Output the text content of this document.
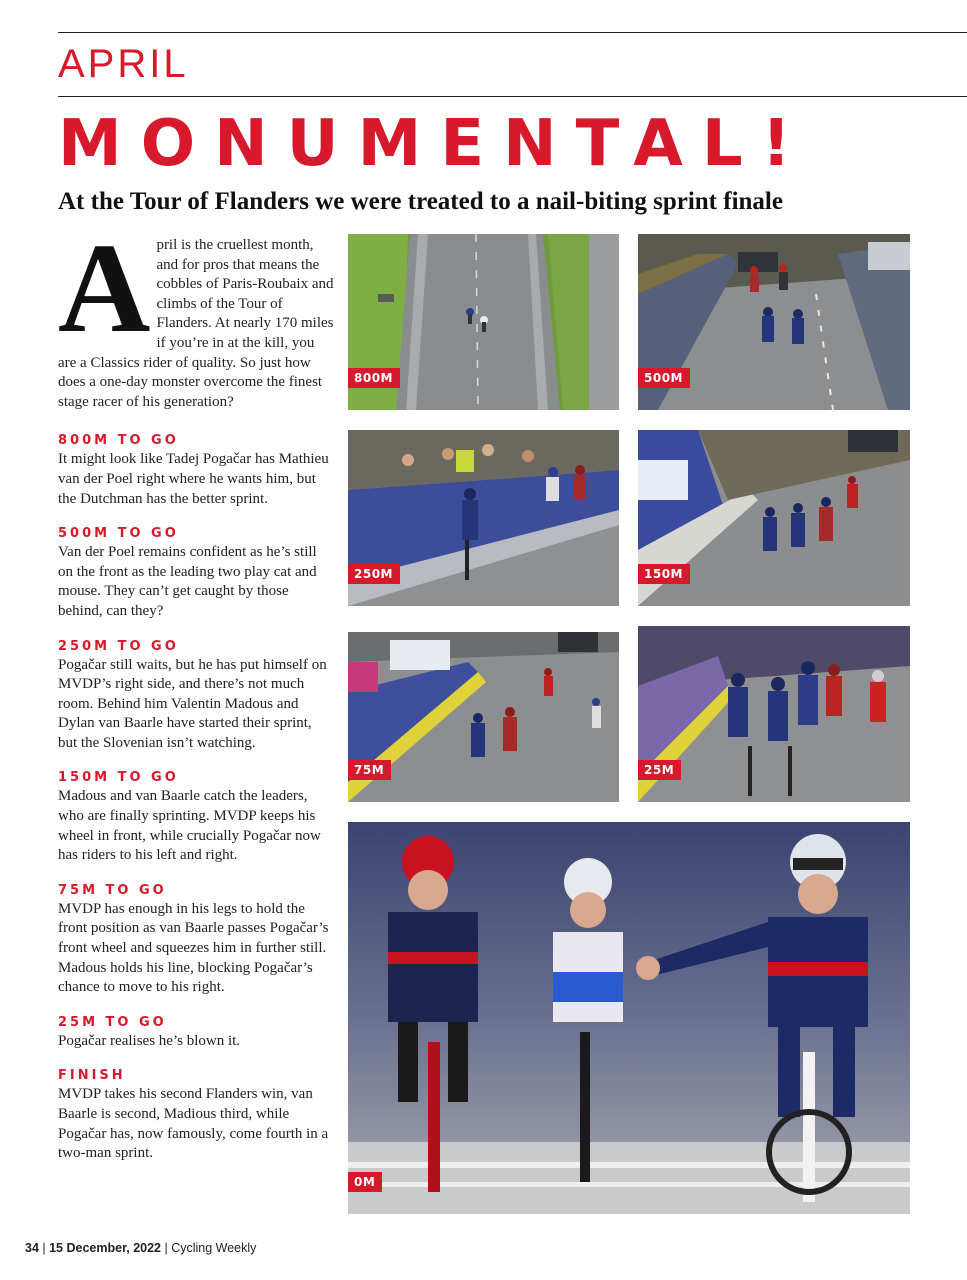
APRIL
MONUMENTAL!
At the Tour of Flanders we were treated to a nail-biting sprint finale

April is the cruellest month, and for pros that means the cobbles of Paris-Roubaix and climbs of the Tour of Flanders. At nearly 170 miles if you’re in at the kill, you are a Classics rider of quality. So just how does a one-day monster overcome the finest stage racer of his generation?

800M TO GO

It might look like Tadej Pogačar has Mathieu van der Poel right where he wants him, but the Dutchman has the better sprint.

500M TO GO

Van der Poel remains confident as he’s still on the front as the leading two play cat and mouse. They can’t get caught by those behind, can they?

250M TO GO

Pogačar still waits, but he has put himself on MVDP’s right side, and there’s not much room. Behind him Valentin Madous and Dylan van Baarle have started their sprint, but the Slovenian isn’t watching.

150M TO GO

Madous and van Baarle catch the leaders, who are finally sprinting. MVDP keeps his wheel in front, while crucially Pogačar now has riders to his left and right.

75M TO GO

MVDP has enough in his legs to hold the front position as van Baarle passes Pogačar’s front wheel and squeezes him in further still. Madous holds his line, blocking Pogačar’s chance to move to his right.

25M TO GO

Pogačar realises he’s blown it.

FINISH

MVDP takes his second Flanders win, van Baarle is second, Madious third, while Pogačar has, now famously, come fourth in a two-man sprint.

800M	500M
250M	150M
75M	25M
0M
34 | 15 December, 2022 | Cycling Weekly
